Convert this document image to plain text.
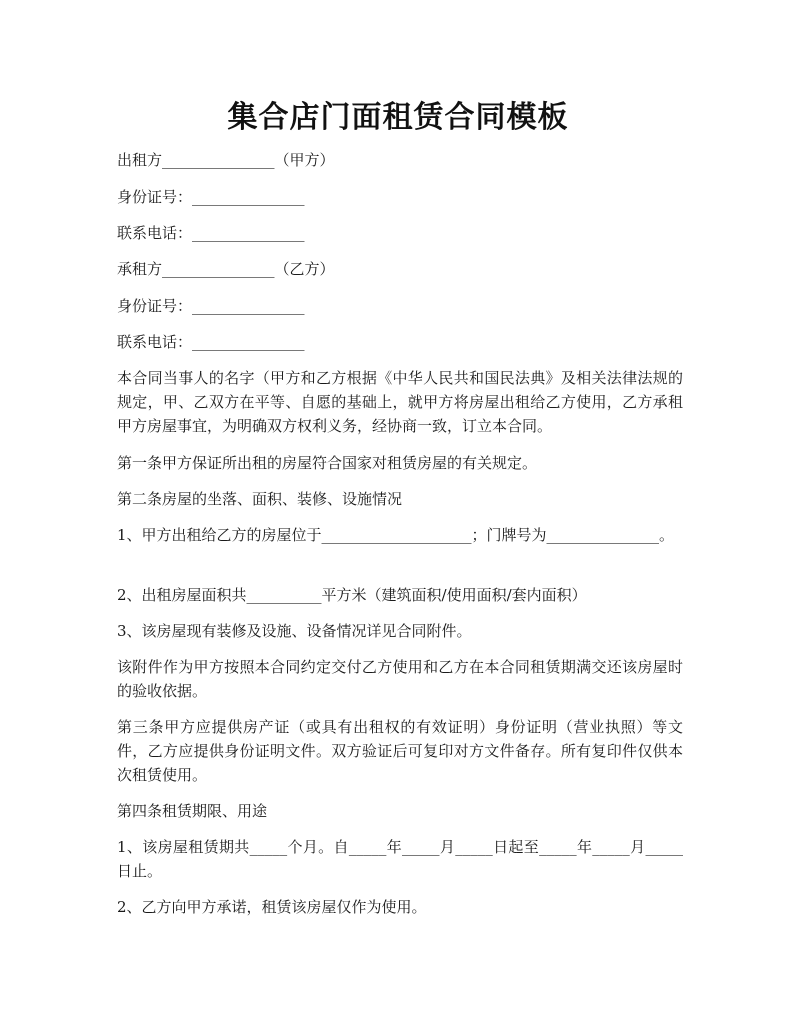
集合店门面租赁合同模板
出租方_______________（甲方）
身份证号：_______________
联系电话：_______________
承租方_______________（乙方）
身份证号：_______________
联系电话：_______________
本合同当事人的名字（甲方和乙方根据《中华人民共和国民法典》及相关法律法规的规定，甲、乙双方在平等、自愿的基础上，就甲方将房屋出租给乙方使用，乙方承租甲方房屋事宜，为明确双方权利义务，经协商一致，订立本合同。
第一条甲方保证所出租的房屋符合国家对租赁房屋的有关规定。
第二条房屋的坐落、面积、装修、设施情况
1、甲方出租给乙方的房屋位于____________________；门牌号为_______________。
2、出租房屋面积共__________平方米（建筑面积/使用面积/套内面积）
3、该房屋现有装修及设施、设备情况详见合同附件。
该附件作为甲方按照本合同约定交付乙方使用和乙方在本合同租赁期满交还该房屋时的验收依据。
第三条甲方应提供房产证（或具有出租权的有效证明）身份证明（营业执照）等文件，乙方应提供身份证明文件。双方验证后可复印对方文件备存。所有复印件仅供本次租赁使用。
第四条租赁期限、用途
1、该房屋租赁期共_____个月。自_____年_____月_____日起至_____年_____月_____日止。
2、乙方向甲方承诺，租赁该房屋仅作为使用。
